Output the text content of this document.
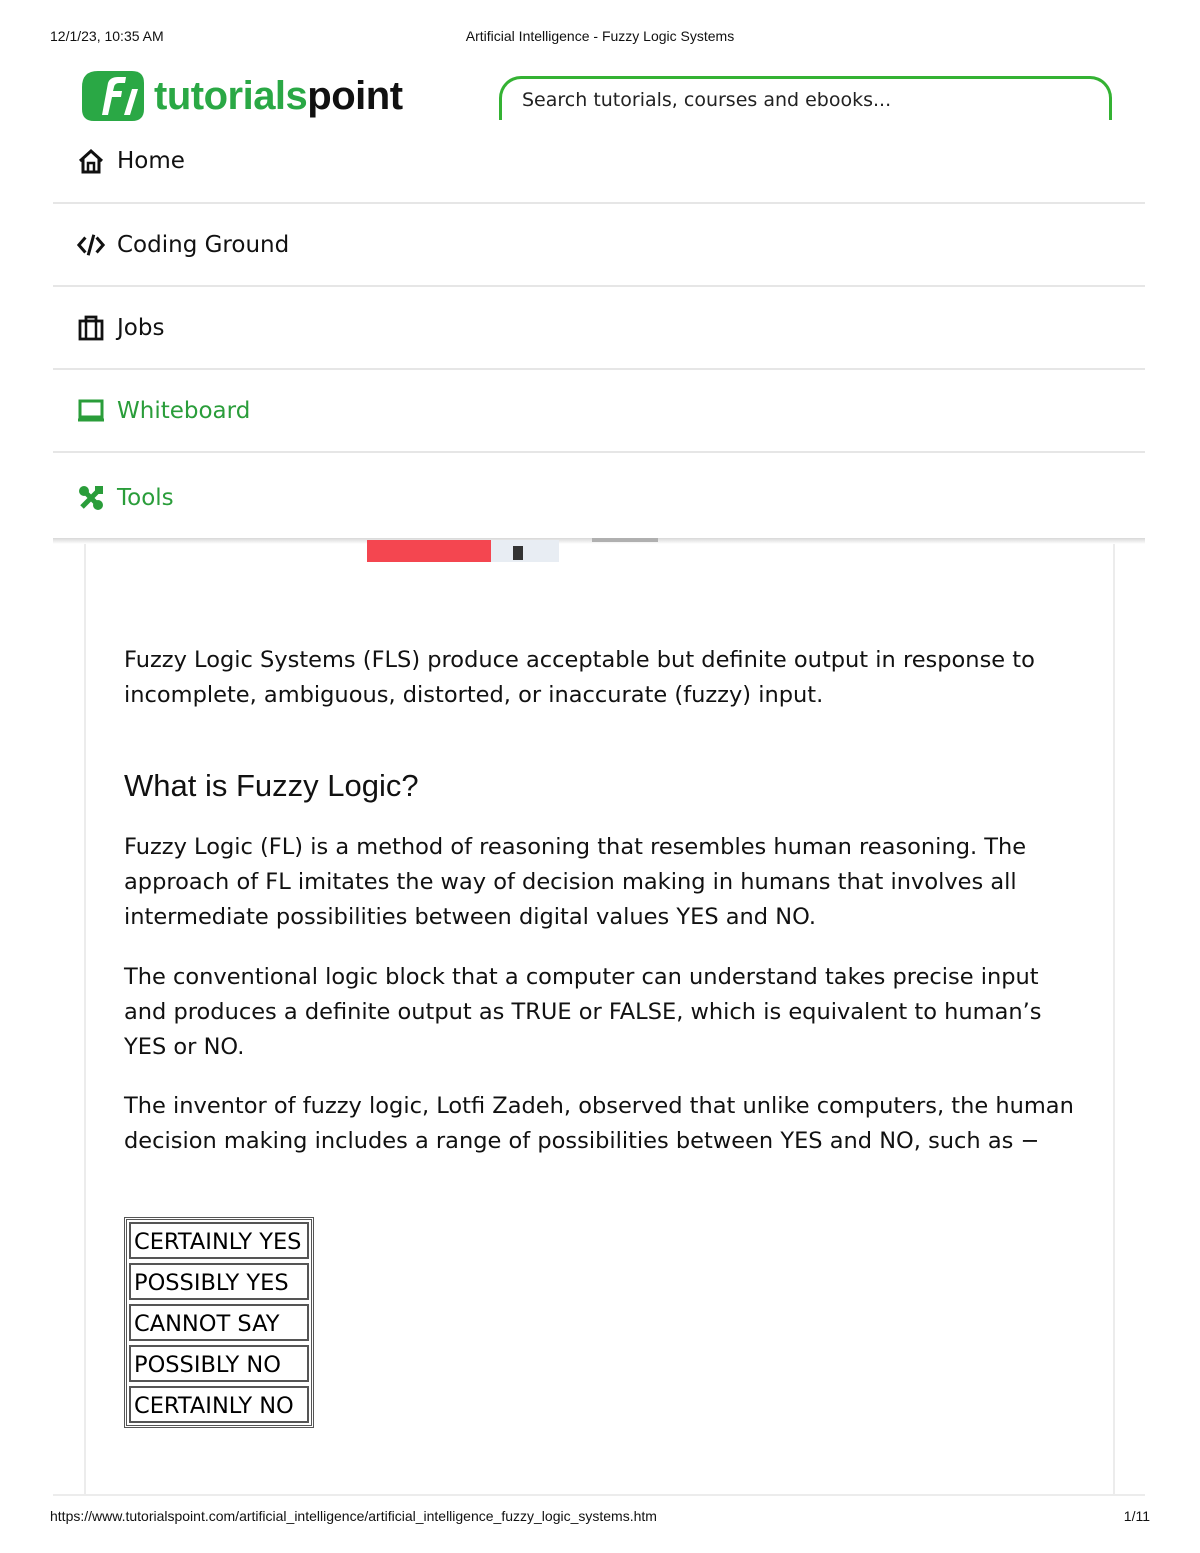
12/1/23, 10:35 AM	Artificial Intelligence - Fuzzy Logic Systems
tutorialspoint
Search tutorials, courses and ebooks...
Home
Coding Ground
Jobs
Whiteboard
Tools
Fuzzy Logic Systems (FLS) produce acceptable but definite output in response to incomplete, ambiguous, distorted, or inaccurate (fuzzy) input.
What is Fuzzy Logic?
Fuzzy Logic (FL) is a method of reasoning that resembles human reasoning. The approach of FL imitates the way of decision making in humans that involves all intermediate possibilities between digital values YES and NO.
The conventional logic block that a computer can understand takes precise input and produces a definite output as TRUE or FALSE, which is equivalent to human’s YES or NO.
The inventor of fuzzy logic, Lotfi Zadeh, observed that unlike computers, the human decision making includes a range of possibilities between YES and NO, such as −
CERTAINLY YES
POSSIBLY YES
CANNOT SAY
POSSIBLY NO
CERTAINLY NO
https://www.tutorialspoint.com/artificial_intelligence/artificial_intelligence_fuzzy_logic_systems.htm	1/11
